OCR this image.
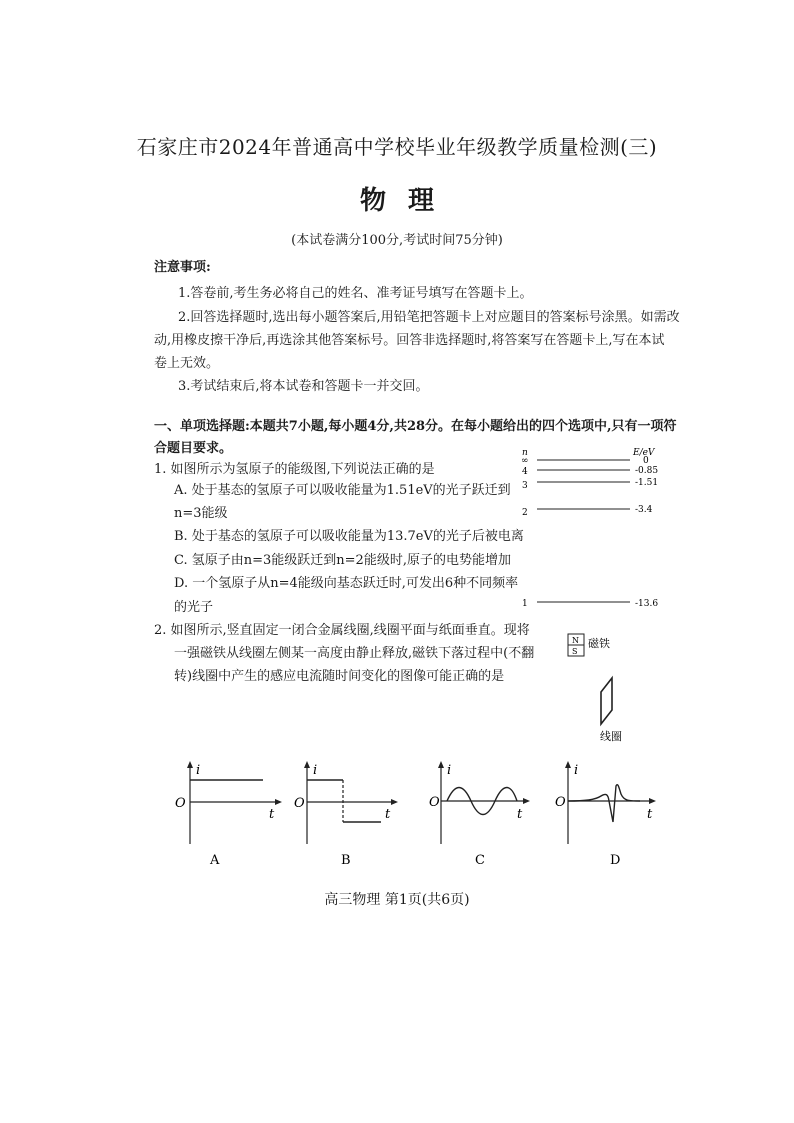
石家庄市2024年普通高中学校毕业年级教学质量检测(三)
物理
(本试卷满分100分,考试时间75分钟)
注意事项:
1.答卷前,考生务必将自己的姓名、准考证号填写在答题卡上。
2.回答选择题时,选出每小题答案后,用铅笔把答题卡上对应题目的答案标号涂黑。如需改
动,用橡皮擦干净后,再选涂其他答案标号。回答非选择题时,将答案写在答题卡上,写在本试
卷上无效。
3.考试结束后,将本试卷和答题卡一并交回。
一、单项选择题:本题共7小题,每小题4分,共28分。在每小题给出的四个选项中,只有一项符
合题目要求。
1. 如图所示为氢原子的能级图,下列说法正确的是
A. 处于基态的氢原子可以吸收能量为1.51eV的光子跃迁到
n=3能级
B. 处于基态的氢原子可以吸收能量为13.7eV的光子后被电离
C. 氢原子由n=3能级跃迁到n=2能级时,原子的电势能增加
D. 一个氢原子从n=4能级向基态跃迁时,可发出6种不同频率
的光子
n	E/eV
∞	0
4	-0.85
3	-1.51
2	-3.4
1	-13.6
2. 如图所示,竖直固定一闭合金属线圈,线圈平面与纸面垂直。现将
一强磁铁从线圈左侧某一高度由静止释放,磁铁下落过程中(不翻
转)线圈中产生的感应电流随时间变化的图像可能正确的是
N
S
磁铁
线圈
i
t
O
A
i
t
O
B
i
t
O
C
i
t
O
D
高三物理 第1页(共6页)
